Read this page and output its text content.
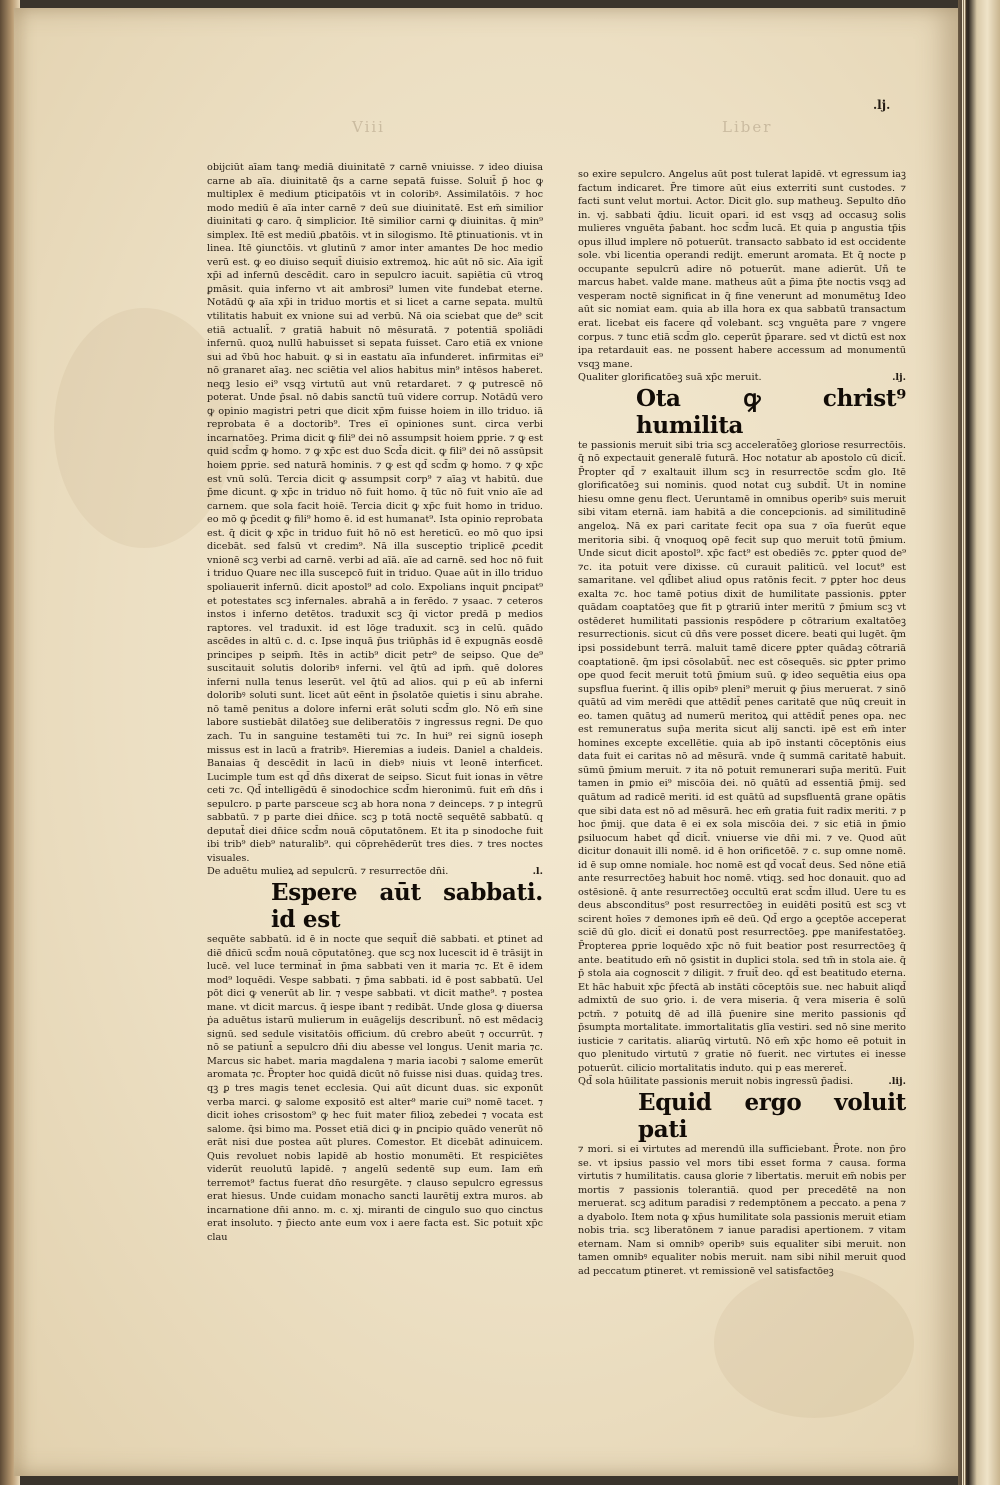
Viii	Liber
.lj.

obijciūt aīam tanꝙ mediā diuinitatē ⁊ carnē vniuisse. ⁊ ideo diuisa carne ab aīa. diuinitatē q̄s a carne sepatā fuisse. Soluit̄ p̄ hoc ꝙ multiplex ē medium ꝑticipatōis vt in coloribꝰ. Assimilatōis. ⁊ hoc modo mediū ē aīa inter carnē ⁊ deū sue diuinitatē. Est em̄ similior diuinitati ꝙ caro. q̄ simplicior. Itē similior carni ꝙ diuinitas. q̄ min⁹ simplex. Itē est mediū ꝓbatōis. vt in silogismo. Itē ꝑtinuationis. vt in linea. Itē ꝯiunctōis. vt glutinū ⁊ amor inter amantes De hoc medio verū est. ꝙ eo diuiso sequit̄ diuisio extremoꝝ. hic aūt nō sic. Aīa igit̄ xp̄i ad infernū descēdit. caro in sepulcro iacuit. sapiētia cū vtroꝗ ꝑmāsit. quia inferno vt ait ambrosi⁹ lumen vite fundebat eterne. Notādū ꝙ aīa xp̄i in triduo mortis et si licet a carne sepata. multū vtilitatis habuit ex vnione sui ad verbū. Nā oia sciebat que de⁹ scit etiā actualit̄. ⁊ gratiā habuit nō mēsuratā. ⁊ potentiā spoliādi infernū. quoꝝ nullū habuisset si sepata fuisset. Caro etiā ex vnione sui ad v̄bū hoc habuit. ꝙ si in eastatu aīa infunderet. infirmitas ei⁹ nō granaret aīaꝫ. nec sciētia vel alios habitus min⁹ intēsos haberet. neqꝫ lesio ei⁹ vsqꝫ virtutū aut vnū retardaret. ⁊ ꝙ putrescē nō poterat. Unde p̄sal. nō dabis sanctū tuū videre corrup. Notādū vero ꝙ opinio magistri petri que dicit xp̄m fuisse hoiem in illo triduo. iā reprobata ē a doctorib⁹. Tres eī opiniones sunt. circa verbi incarnatōeꝫ. Prima dicit ꝙ fili⁹ dei nō assumpsit hoiem ꝑprie. ⁊ ꝙ est quid scd̄m ꝙ homo. ⁊ ꝙ xp̄c est duo Scd̄a dicit. ꝙ fili⁹ dei nō assūpsit hoiem ꝑprie. sed naturā hominis. ⁊ ꝙ est qd̄ scd̄m ꝙ homo. ⁊ ꝙ xp̄c est vnū solū. Tercia dicit ꝙ assumpsit corp⁹ ⁊ aīaꝫ vt habitū. due p̄me dicunt. ꝙ xp̄c in triduo nō fuit homo. q̄ tūc nō fuit vnio aīe ad carnem. que sola facit hoiē. Tercia dicit ꝙ xp̄c fuit homo in triduo. eo mō ꝙ p̄cedit ꝙ fili⁹ homo ē. id est humanat⁹. Ista opinio reprobata est. q̄ dicit ꝙ xp̄c in triduo fuit hō nō est hereticū. eo mō quo ipsi dicebāt. sed falsū vt credim⁹. Nā illa susceptio triplicē ꝓcedit vnionē scꝫ verbi ad carnē. verbi ad aīā. aīe ad carnē. sed hoc nō fuit i triduo Quare nec illa suscepcō fuit in triduo. Quae aūt in illo triduo spoliauerit infernū. dicit apostol⁹ ad colo. Expolians inquit ꝑncipat⁹ et potestates scꝫ infernales. abrahā a in ferēdo. ⁊ ysaac. ⁊ ceteros instos i inferno detētos. traduxit scꝫ q̄i victor predā p medios raptores. vel traduxit. id est lōge traduxit. scꝫ in celū. quādo ascēdes in altū c. d. c. Ipse inquā p̄us triūphās id ē expugnās eosdē principes p seipm̄. Itēs in actib⁹ dicit petr⁹ de seipso. Que de⁹ suscitauit solutis doloribꝰ inferni. vel q̄tū ad ipm̄. quē dolores inferni nulla tenus leserūt. vel q̄tū ad alios. qui p eū ab inferni doloribꝰ soluti sunt. licet aūt eēnt in p̄solatōe quietis i sinu abrahe. nō tamē penitus a dolore inferni erāt soluti scd̄m glo. Nō em̄ sine labore sustiebāt dilatōeꝫ sue deliberatōis ⁊ ingressus regni. De quo zach. Tu in sanguine testamēti tui ⁊c. In hui⁹ rei signū ioseph missus est in lacū a fratribꝰ. Hieremias a iudeis. Daniel a chaldeis. Banaias q̄ descēdit in lacū in diebꝰ niuis vt leonē interficet. Lucimple tum est qd̄ dn̄s dixerat de seipso. Sicut fuit ionas in vētre ceti ⁊c. Qd̄ intelligēdū ē sinodochice scd̄m hieronimū. fuit em̄ dn̄s i sepulcro. p parte parsceue scꝫ ab hora nona ⁊ deinceps. ⁊ p integrū sabbatū. ⁊ p parte diei dn̄ice. scꝫ p totā noctē sequētē sabbatū. q deputat̄ diei dn̄ice scd̄m nouā cōputatōnem. Et ita p sinodoche fuit ibi trib⁹ dieb⁹ naturalib⁹. qui cōprehēderūt tres dies. ⁊ tres noctes visuales.

.l.
De aduētu mulieꝝ ad sepulcrū. ⁊ resurrectōe dn̄i.

Espere aūt sabbati. id est

sequēte sabbatū. id ē in nocte que sequit̄ diē sabbati. et ꝑtinet ad diē dn̄icū scd̄m nouā cōputatōneꝫ. que scꝫ nox lucescit id ē trāsijt in lucē. vel luce terminat̄ in p̄ma sabbati ven it maria ⁊c. Et ē idem mod⁹ loquēdi. Vespe sabbati. ⁊ p̄ma sabbati. id ē post sabbatū. Uel pōt dici ꝙ venerūt ab lir. ⁊ vespe sabbati. vt dicit mathe⁹. ⁊ postea mane. vt dicit marcus. q̄ iespe ibant ⁊ redibāt. Unde glosa ꝙ diuersa ṗa aduētus istarū mulierum in euāgelijs describunt̄. nō est mēdaciꝫ signū. sed sedule visitatōis officium. dū crebro abeūt ⁊ occurrūt. ⁊ nō se patiunt̄ a sepulcro dn̄i diu abesse vel longus. Uenit maria ⁊c. Marcus sic habet. maria magdalena ⁊ maria iacobi ⁊ salome emerūt aromata ⁊c. P̄ropter hoc quidā dicūt nō fuisse nisi duas. quidaꝫ tres. qꝫ ꝑ tres magis tenet ecclesia. Qui aūt dicunt duas. sic exponūt verba marci. ꝙ salome expositō est alter⁹ marie cui⁹ nomē tacet. ⁊ dicit iohes crisostom⁹ ꝙ hec fuit mater filioꝝ zebedei ⁊ vocata est salome. q̄si bimo ma. Posset etiā dici ꝙ in ꝑncipio quādo venerūt nō erāt nisi due postea aūt plures. Comestor. Et dicebāt adinuicem. Quis revoluet nobis lapidē ab hostio monumēti. Et respiciētes viderūt reuolutū lapidē. ⁊ angelū sedentē sup eum. Iam em̄ terremot⁹ factus fuerat dn̄o resurgēte. ⁊ clauso sepulcro egressus erat hiesus. Unde cuidam monacho sancti laurētij extra muros. ab incarnatione dn̄i anno. m. c. xj. miranti de cingulo suo quo cinctus erat insoluto. ⁊ p̄iecto ante eum vox i aere facta est. Sic potuit xp̄c clau

so exire sepulcro. Angelus aūt post tulerat lapidē. vt egressum iaꝫ factum indicaret. P̄re timore aūt eius exterriti sunt custodes. ⁊ facti sunt velut mortui. Actor. Dicit glo. sup matheuꝫ. Sepulto dn̄o in. vj. sabbati q̄diu. licuit opari. id est vsqꝫ ad occasuꝫ solis mulieres vnguēta p̄abant. hoc scd̄m lucā. Et quia p angustia tp̄is opus illud implere nō potuerūt. transacto sabbato id est occidente sole. vbi licentia operandi redijt. emerunt aromata. Et q̄ nocte p occupante sepulcrū adire nō potuerūt. mane adierūt. Uñ te marcus habet. valde mane. matheus aūt a p̄ima p̄te noctis vsqꝫ ad vesperam noctē significat in q̄ fine venerunt ad monumētuꝫ Ideo aūt sic nomiat eam. quia ab illa hora ex qua sabbatū transactum erat. licebat eis facere qd̄ volebant. scꝫ vnguēta pare ⁊ vngere corpus. ⁊ tunc etiā scd̄m glo. ceperūt p̄parare. sed vt dictū est nox ipa retardauit eas. ne possent habere accessum ad monumentū vsqꝫ mane.

.lj.
Qualiter glorificatōeꝫ suā xp̄c meruit.

Ota ꝙ christ⁹ humilita

te passionis meruit sibi tria scꝫ accelerat̄ōeꝫ gloriose resurrectōis. q̄ nō expectauit generalē futurā. Hoc notatur ab apostolo cū dicit̄. P̄ropter qd̄ ⁊ exaltauit illum scꝫ in resurrectōe scd̄m glo. Itē glorificatōeꝫ sui nominis. quod notat cuꝫ subdit̄. Ut in nomine hiesu omne genu flect. Ueruntamē in omnibus operibꝰ suis meruit sibi vitam eternā. iam habitā a die concepcionis. ad similitudinē angeloꝝ. Nā ex pari caritate fecit opa sua ⁊ oīa fuerūt eque meritoria sibi. q̄ vnoquoꝗ opē fecit sup quo meruit totū p̄mium. Unde sicut dicit apostol⁹. xp̄c fact⁹ est obediēs ⁊c. ꝑpter quod de⁹ ⁊c. ita potuit vere dixisse. cū curauit paliticū. vel locut⁹ est samaritane. vel qd̄libet aliud opus ratōnis fecit. ⁊ ꝑpter hoc deus exalta ⁊c. hoc tamē potius dixit de humilitate passionis. ꝑpter quādam coaptatōeꝫ que fit p ꝯtrariū inter meritū ⁊ p̄mium scꝫ vt ostēderet humilitati passionis respōdere p cōtrarium exaltatōeꝫ resurrectionis. sicut cū dn̄s vere posset dicere. beati qui lugēt. q̄m ipsi possidebunt terrā. maluit tamē dicere ꝑpter quādaꝫ cōtrariā coaptationē. q̄m ipsi cōsolabūt̄. nec est cōsequēs. sic ꝑpter primo ope quod fecit meruit totū p̄mium suū. ꝙ ideo sequētia eius opa supsflua fuerint. q̄ illis opibꝰ pleni⁹ meruit ꝙ p̄ius meruerat. ⁊ sinō quātū ad vim merēdi que attēdit̄ penes caritatē que nūꝗ creuit in eo. tamen quātuꝫ ad numerū meritoꝝ qui attēdit̄ penes opa. nec est remuneratus sup̄a merita sicut alij sancti. ipē est em̄ inter homines excepte excellētie. quia ab ipō instanti cōceptōnis eius data fuit ei caritas nō ad mēsurā. vnde q̄ summā caritatē habuit. sūmū p̄mium meruit. ⁊ ita nō potuit remunerari sup̄a meritū. Fuit tamen in ꝑmio ei⁹ miscōia dei. nō quātū ad essentiā p̄mij. sed quātum ad radicē meriti. id est quātū ad supsfluentā grane opātis que sibi data est nō ad mēsurā. hec em̄ gratia fuit radix meriti. ⁊ p hoc p̄mij. que data ē ei ex sola miscōia dei. ⁊ sic etiā in p̄mio ꝑsiluocum habet qd̄ dicit̄. vniuerse vie dn̄i mi. ⁊ ve. Quod aūt dicitur donauit illi nomē. id ē hon orificetōē. ⁊ c. sup omne nomē. id ē sup omne nomiale. hoc nomē est qd̄ vocat̄ deus. Sed nōne etiā ante resurrectōeꝫ habuit hoc nomē. vtiqꝫ. sed hoc donauit. quo ad ostēsionē. q̄ ante resurrectōeꝫ occultū erat scd̄m illud. Uere tu es deus absconditus⁹ post resurrectōeꝫ in euidēti positū est scꝫ vt scirent hoīes ⁊ demones ipm̄ eē deū. Qd̄ ergo a ꝯceptōe acceperat sciē dū glo. dicit̄ ei donatū post resurrectōeꝫ. ꝑpe manifestatōeꝫ. P̄ropterea ꝑprie loquēdo xp̄c nō fuit beatior post resurrectōeꝫ q̄ ante. beatitudo em̄ nō ꝯsistit in duplici stola. sed tm̄ in stola aie. q̄ p̄ stola aia cognoscit ⁊ diligit. ⁊ fruit̄ deo. qd̄ est beatitudo eterna. Et hāc habuit xp̄c p̄fectā ab instāti cōceptōis sue. nec habuit aliqd̄ admixtū de suo ꝯrio. i. de vera miseria. q̄ vera miseria ē solū pctm̄. ⁊ potuitꝗ dē ad illā p̄uenire sine merito passionis qd̄ p̄sumpta mortalitate. immortalitatis glīa vestiri. sed nō sine merito iusticie ⁊ caritatis. aliarūꝗ virtutū. Nō em̄ xp̄c homo eē potuit in quo plenitudo virtutū ⁊ gratie nō fuerit. nec virtutes ei inesse potuerūt. cilicio mortalitatis induto. qui p eas mereret̄.

.lij.
Qd̄ sola hūilitate passionis meruit nobis ingressū p̄adisi.

Equid ergo voluit pati

⁊ mori. si ei virtutes ad merendū illa sufficiebant. P̄rote. non p̄ro se. vt ipsius passio vel mors tibi esset forma ⁊ causa. forma virtutis ⁊ humilitatis. causa glorie ⁊ libertatis. meruit em̄ nobis per mortis ⁊ passionis tolerantiā. quod per precedētē na non meruerat. scꝫ aditum paradisi ⁊ redemptōnem a peccato. a pena ⁊ a dyabolo. Item nota ꝙ xp̄us humilitate sola passionis meruit etiam nobis tria. scꝫ liberatōnem ⁊ ianue paradisi apertionem. ⁊ vitam eternam. Nam si omnibꝰ operibꝰ suis equaliter sibi meruit. non tamen omnibꝰ equaliter nobis meruit. nam sibi nihil meruit quod ad peccatum ꝑtineret. vt remissionē vel satisfactōeꝫ
